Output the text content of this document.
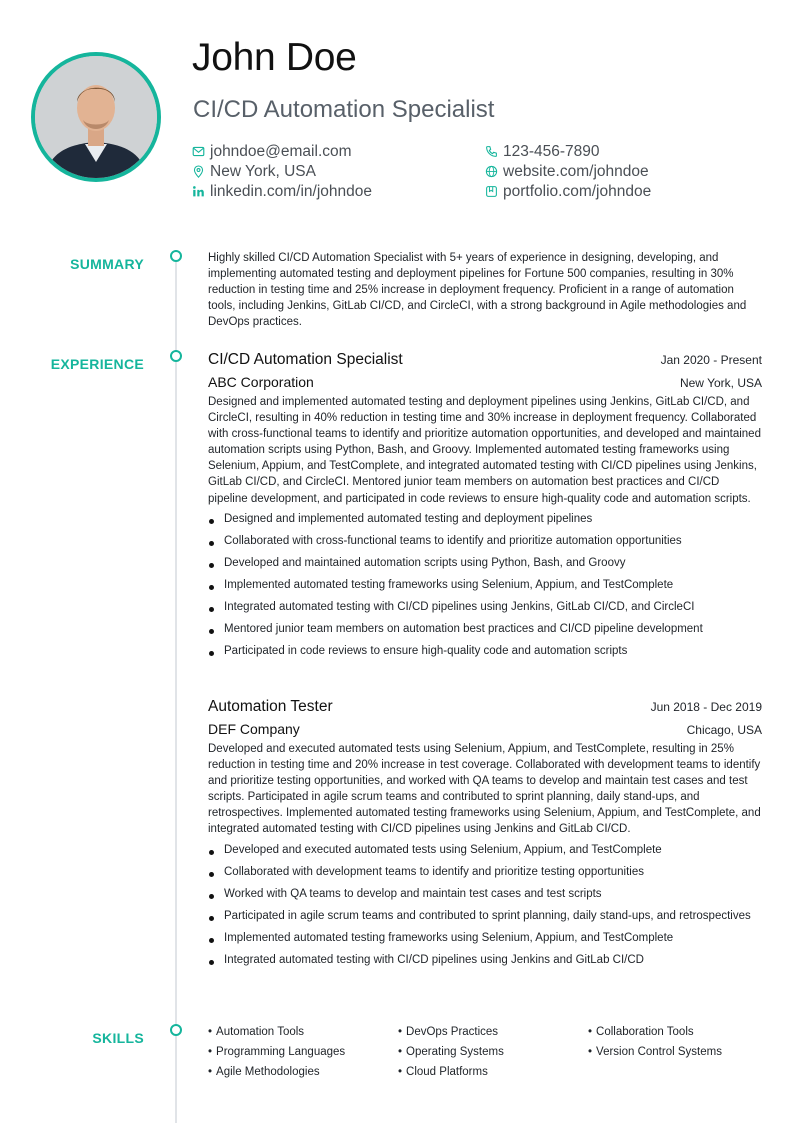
John Doe
CI/CD Automation Specialist
johndoe@email.com	123-456-7890
New York, USA	website.com/johndoe
linkedin.com/in/johndoe	portfolio.com/johndoe
SUMMARY	Highly skilled CI/CD Automation Specialist with 5+ years of experience in designing, developing, and implementing automated testing and deployment pipelines for Fortune 500 companies, resulting in 30% reduction in testing time and 25% increase in deployment frequency. Proficient in a range of automation tools, including Jenkins, GitLab CI/CD, and CircleCI, with a strong background in Agile methodologies and DevOps practices.

EXPERIENCE	CI/CD Automation Specialist	Jan 2020 - Present
ABC Corporation	New York, USA

Designed and implemented automated testing and deployment pipelines using Jenkins, GitLab CI/CD, and CircleCI, resulting in 40% reduction in testing time and 30% increase in deployment frequency. Collaborated with cross-functional teams to identify and prioritize automation opportunities, and developed and maintained automation scripts using Python, Bash, and Groovy. Implemented automated testing frameworks using Selenium, Appium, and TestComplete, and integrated automated testing with CI/CD pipelines using Jenkins, GitLab CI/CD, and CircleCI. Mentored junior team members on automation best practices and CI/CD pipeline development, and participated in code reviews to ensure high-quality code and automation scripts.

Designed and implemented automated testing and deployment pipelines
Collaborated with cross-functional teams to identify and prioritize automation opportunities
Developed and maintained automation scripts using Python, Bash, and Groovy
Implemented automated testing frameworks using Selenium, Appium, and TestComplete
Integrated automated testing with CI/CD pipelines using Jenkins, GitLab CI/CD, and CircleCI
Mentored junior team members on automation best practices and CI/CD pipeline development
Participated in code reviews to ensure high-quality code and automation scripts
Automation Tester	Jun 2018 - Dec 2019
DEF Company	Chicago, USA

Developed and executed automated tests using Selenium, Appium, and TestComplete, resulting in 25% reduction in testing time and 20% increase in test coverage. Collaborated with development teams to identify and prioritize testing opportunities, and worked with QA teams to develop and maintain test cases and test scripts. Participated in agile scrum teams and contributed to sprint planning, daily stand-ups, and retrospectives. Implemented automated testing frameworks using Selenium, Appium, and TestComplete, and integrated automated testing with CI/CD pipelines using Jenkins and GitLab CI/CD.

Developed and executed automated tests using Selenium, Appium, and TestComplete
Collaborated with development teams to identify and prioritize testing opportunities
Worked with QA teams to develop and maintain test cases and test scripts
Participated in agile scrum teams and contributed to sprint planning, daily stand-ups, and retrospectives
Implemented automated testing frameworks using Selenium, Appium, and TestComplete
Integrated automated testing with CI/CD pipelines using Jenkins and GitLab CI/CD
SKILLS	• Automation Tools	• DevOps Practices	• Collaboration Tools
• Programming Languages	• Operating Systems	• Version Control Systems
• Agile Methodologies	• Cloud Platforms
